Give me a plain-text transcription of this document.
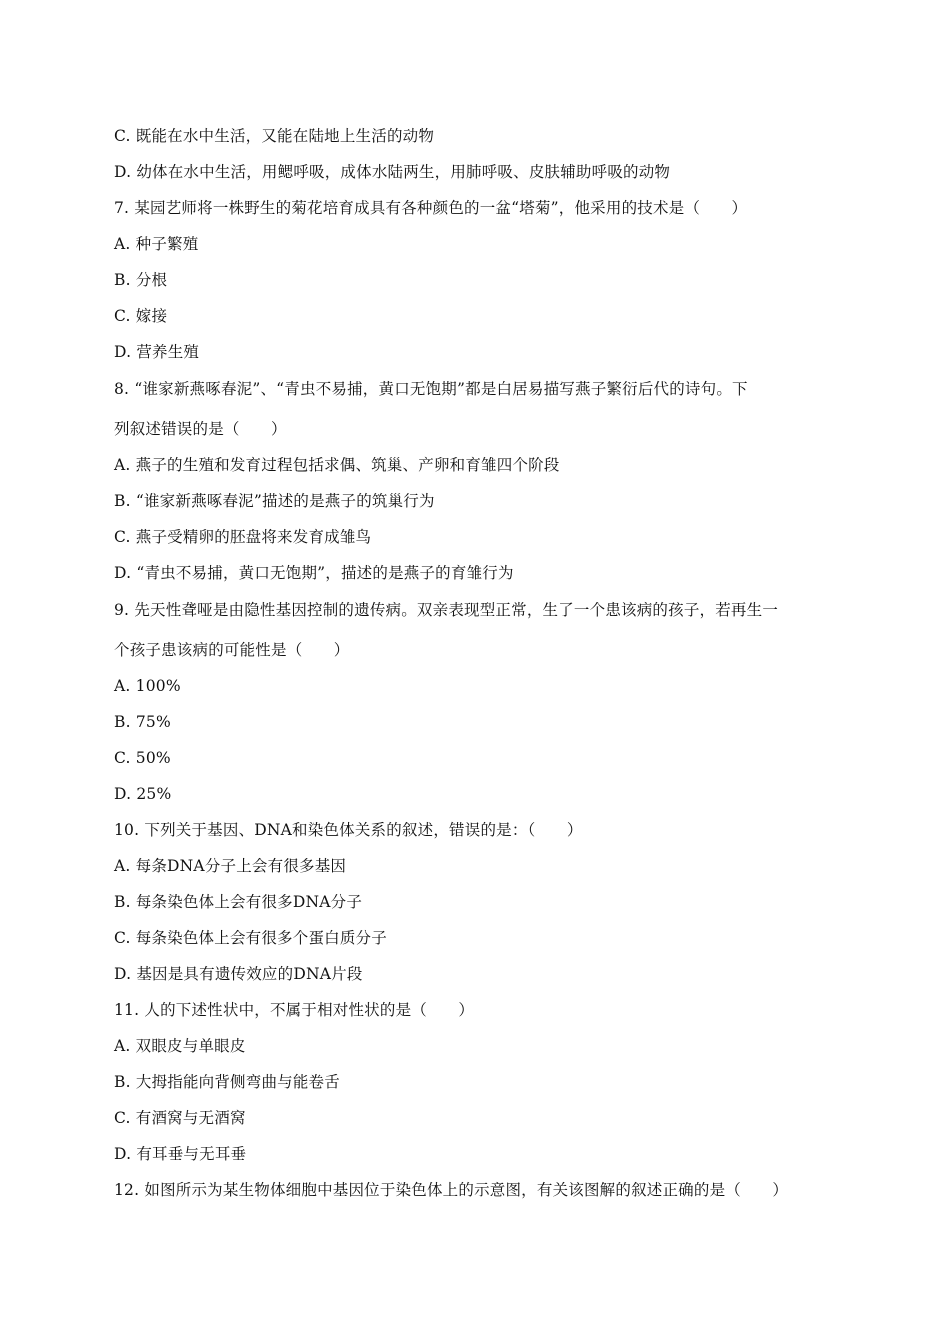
C. 既能在水中生活，又能在陆地上生活的动物
D. 幼体在水中生活，用鳃呼吸，成体水陆两生，用肺呼吸、皮肤辅助呼吸的动物
7. 某园艺师将一株野生的菊花培育成具有各种颜色的一盆“塔菊”，他采用的技术是（　　）
A. 种子繁殖
B. 分根
C. 嫁接
D. 营养生殖
8. “谁家新燕啄春泥”、“青虫不易捕，黄口无饱期”都是白居易描写燕子繁衍后代的诗句。下
列叙述错误的是（　　）
A. 燕子的生殖和发育过程包括求偶、筑巢、产卵和育雏四个阶段
B. “谁家新燕啄春泥”描述的是燕子的筑巢行为
C. 燕子受精卵的胚盘将来发育成雏鸟
D. “青虫不易捕，黄口无饱期”，描述的是燕子的育雏行为
9. 先天性聋哑是由隐性基因控制的遗传病。双亲表现型正常，生了一个患该病的孩子，若再生一
个孩子患该病的可能性是（　　）
A. 100%
B. 75%
C. 50%
D. 25%
10. 下列关于基因、DNA和染色体关系的叙述，错误的是：（　　）
A. 每条DNA分子上会有很多基因
B. 每条染色体上会有很多DNA分子
C. 每条染色体上会有很多个蛋白质分子
D. 基因是具有遗传效应的DNA片段
11. 人的下述性状中，不属于相对性状的是（　　）
A. 双眼皮与单眼皮
B. 大拇指能向背侧弯曲与能卷舌
C. 有酒窝与无酒窝
D. 有耳垂与无耳垂
12. 如图所示为某生物体细胞中基因位于染色体上的示意图，有关该图解的叙述正确的是（　　）
